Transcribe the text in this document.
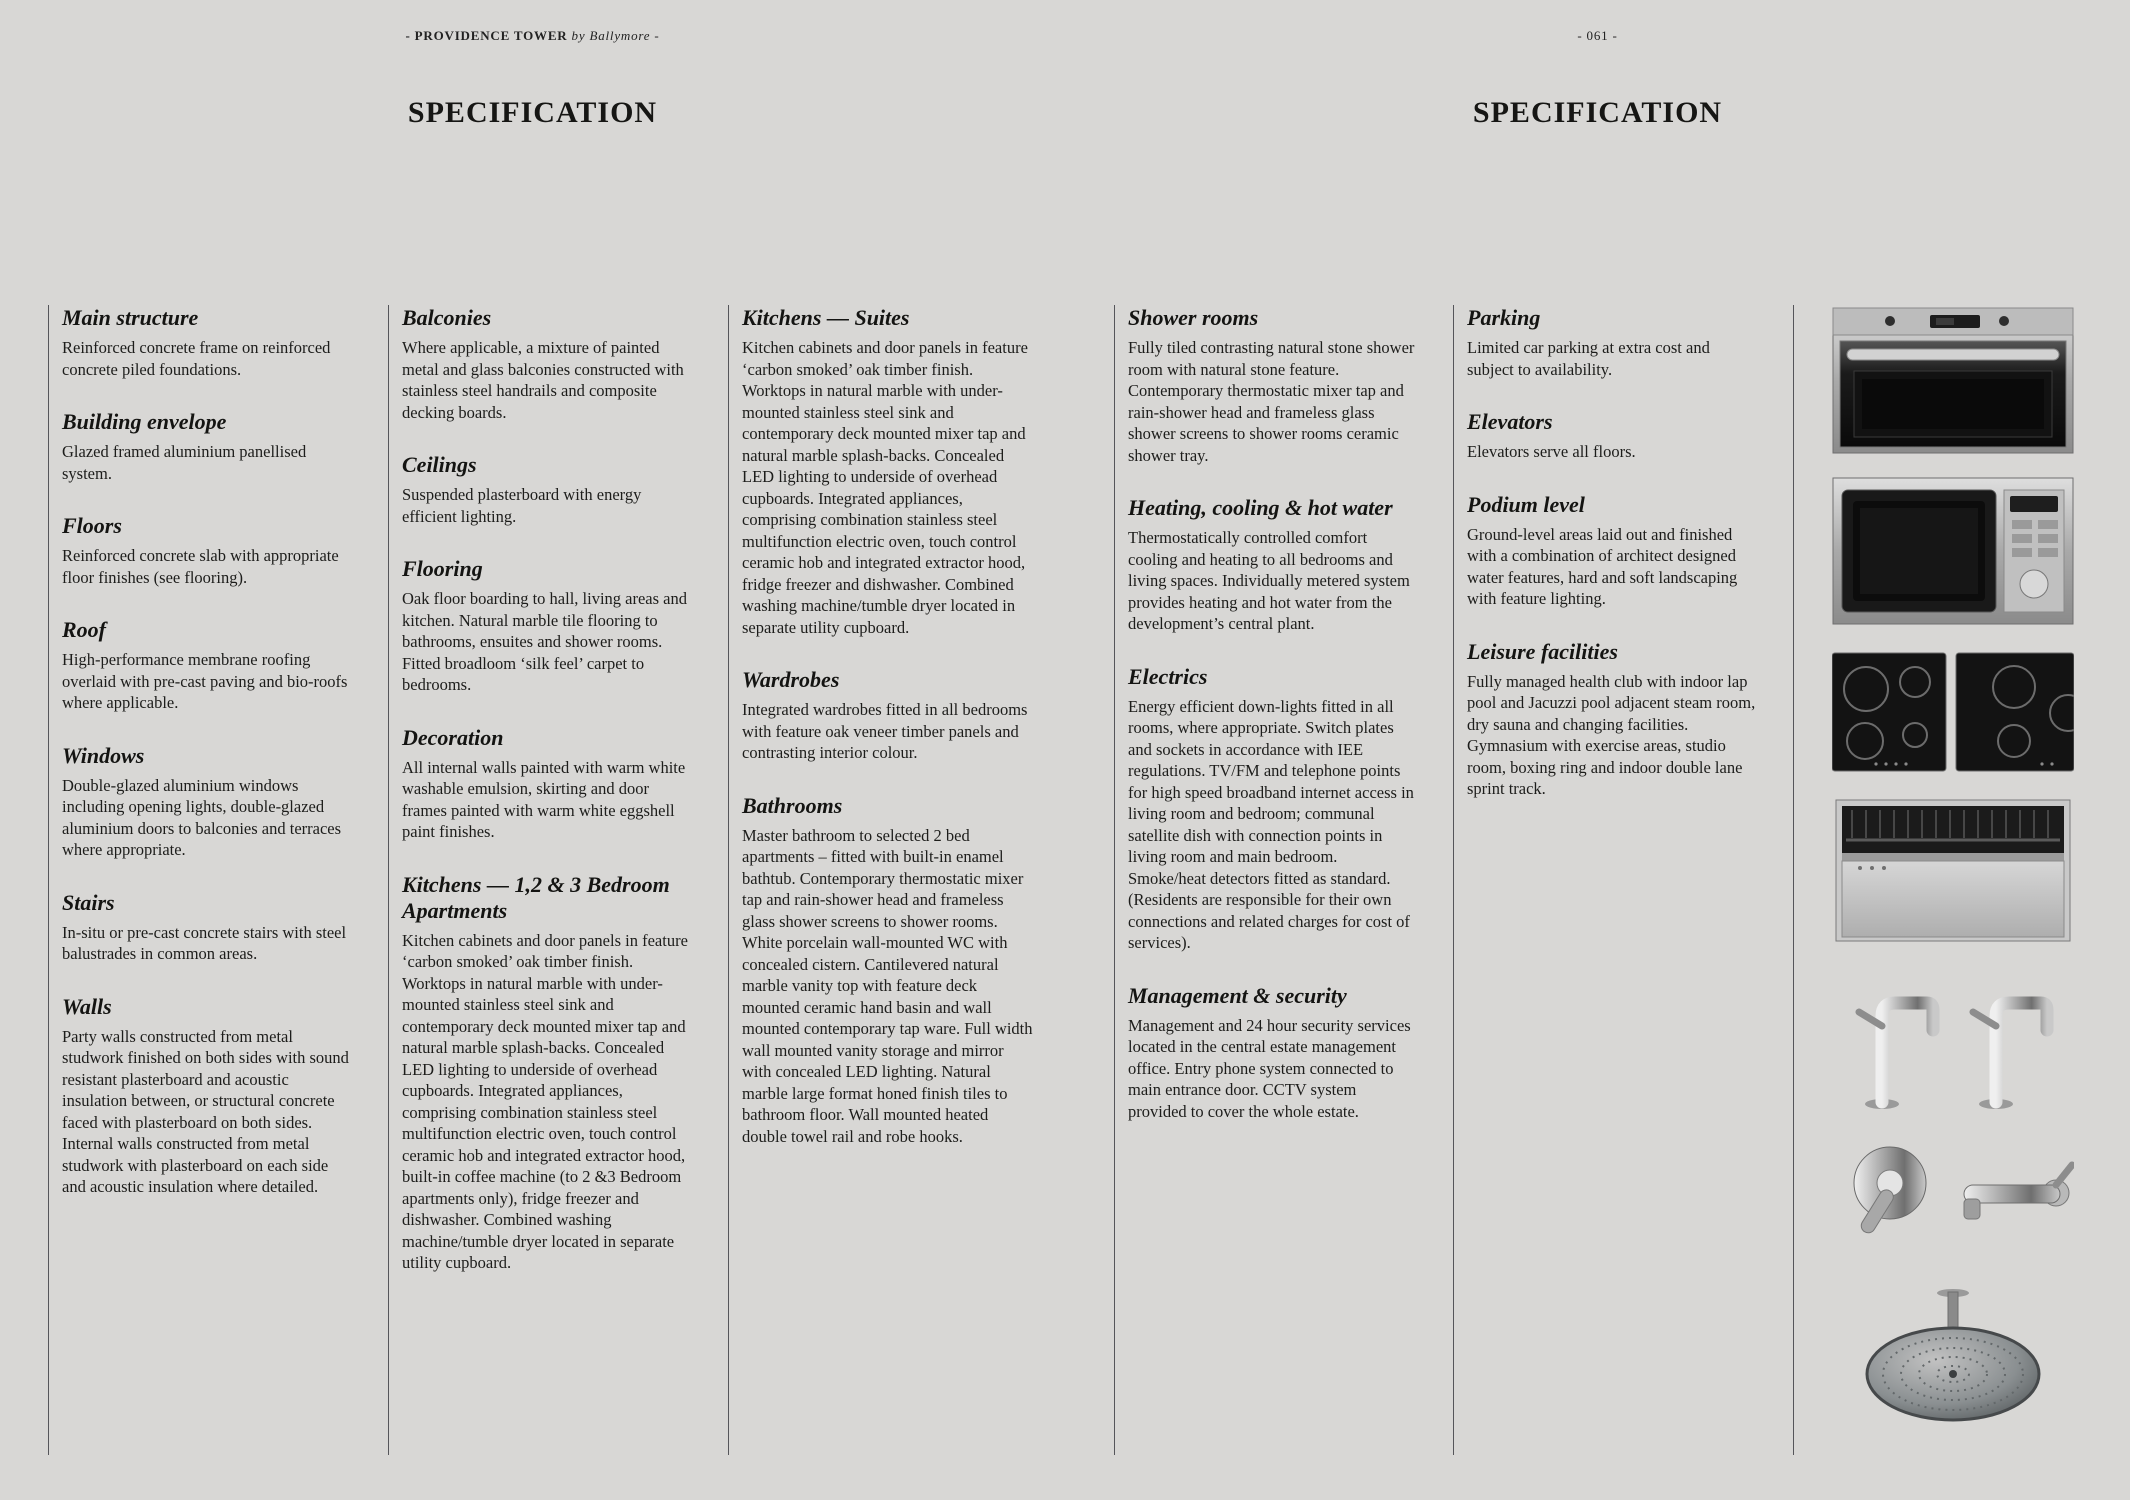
- PROVIDENCE TOWER by Ballymore -	- 061 -
SPECIFICATION	SPECIFICATION
Main structure

Reinforced concrete frame on reinforced concrete piled foundations.

Building envelope

Glazed framed aluminium panellised system.

Floors

Reinforced concrete slab with appropriate floor finishes (see flooring).

Roof

High-performance membrane roofing overlaid with pre-cast paving and bio-roofs where applicable.

Windows

Double-glazed aluminium windows including opening lights, double-glazed aluminium doors to balconies and terraces where appropriate.

Stairs

In-situ or pre-cast concrete stairs with steel balustrades in common areas.

Walls

Party walls constructed from metal studwork finished on both sides with sound resistant plasterboard and acoustic insulation between, or structural concrete faced with plasterboard on both sides. Internal walls constructed from metal studwork with plasterboard on each side and acoustic insulation where detailed.

Balconies

Where applicable, a mixture of painted metal and glass balconies constructed with stainless steel handrails and composite decking boards.

Ceilings

Suspended plasterboard with energy efficient lighting.

Flooring

Oak floor boarding to hall, living areas and kitchen. Natural marble tile flooring to bathrooms, ensuites and shower rooms. Fitted broadloom ‘silk feel’ carpet to bedrooms.

Decoration

All internal walls painted with warm white washable emulsion, skirting and door frames painted with warm white eggshell paint finishes.

Kitchens — 1,2 & 3 Bedroom Apartments

Kitchen cabinets and door panels in feature ‘carbon smoked’ oak timber finish. Worktops in natural marble with under-mounted stainless steel sink and contemporary deck mounted mixer tap and natural marble splash-backs. Concealed LED lighting to underside of overhead cupboards. Integrated appliances, comprising combination stainless steel multifunction electric oven, touch control ceramic hob and integrated extractor hood, built-in coffee machine (to 2 &3 Bedroom apartments only), fridge freezer and dishwasher. Combined washing machine/tumble dryer located in separate utility cupboard.

Kitchens — Suites

Kitchen cabinets and door panels in feature ‘carbon smoked’ oak timber finish. Worktops in natural marble with under-mounted stainless steel sink and contemporary deck mounted mixer tap and natural marble splash-backs. Concealed LED lighting to underside of overhead cupboards. Integrated appliances, comprising combination stainless steel multifunction electric oven, touch control ceramic hob and integrated extractor hood, fridge freezer and dishwasher. Combined washing machine/tumble dryer located in separate utility cupboard.

Wardrobes

Integrated wardrobes fitted in all bedrooms with feature oak veneer timber panels and contrasting interior colour.

Bathrooms

Master bathroom to selected 2 bed apartments – fitted with built-in enamel bathtub. Contemporary thermostatic mixer tap and rain-shower head and frameless glass shower screens to shower rooms. White porcelain wall-mounted WC with concealed cistern. Cantilevered natural marble vanity top with feature deck mounted ceramic hand basin and wall mounted contemporary tap ware. Full width wall mounted vanity storage and mirror with concealed LED lighting. Natural marble large format honed finish tiles to bathroom floor. Wall mounted heated double towel rail and robe hooks.

Shower rooms

Fully tiled contrasting natural stone shower room with natural stone feature. Contemporary thermostatic mixer tap and rain-shower head and frameless glass shower screens to shower rooms ceramic shower tray.

Heating, cooling & hot water

Thermostatically controlled comfort cooling and heating to all bedrooms and living spaces. Individually metered system provides heating and hot water from the development’s central plant.

Electrics

Energy efficient down-lights fitted in all rooms, where appropriate. Switch plates and sockets in accordance with IEE regulations. TV/FM and telephone points for high speed broadband internet access in living room and bedroom; communal satellite dish with connection points in living room and main bedroom. Smoke/heat detectors fitted as standard. (Residents are responsible for their own connections and related charges for cost of services).

Management & security

Management and 24 hour security services located in the central estate management office. Entry phone system connected to main entrance door. CCTV system provided to cover the whole estate.

Parking

Limited car parking at extra cost and subject to availability.

Elevators

Elevators serve all floors.

Podium level

Ground-level areas laid out and finished with a combination of architect designed water features, hard and soft landscaping with feature lighting.

Leisure facilities

Fully managed health club with indoor lap pool and Jacuzzi pool adjacent steam room, dry sauna and changing facilities. Gymnasium with exercise areas, studio room, boxing ring and indoor double lane sprint track.
